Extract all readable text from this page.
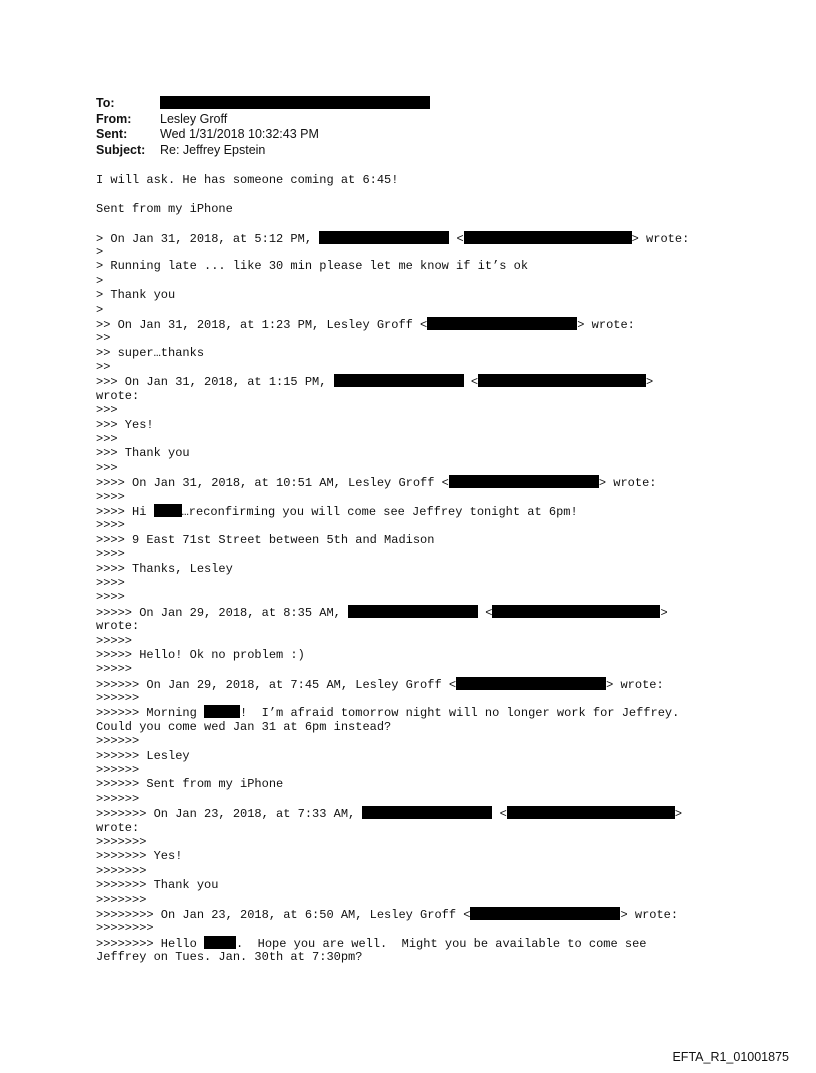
To:
From:	Lesley Groff
Sent:	Wed 1/31/2018 10:32:43 PM
Subject:	Re: Jeffrey Epstein
I will ask. He has someone coming at 6:45!
Sent from my iPhone
> On Jan 31, 2018, at 5:12 PM,	<	> wrote:
>
> Running late ... like 30 min please let me know if it’s ok
>
> Thank you
>
>> On Jan 31, 2018, at 1:23 PM, Lesley Groff <	> wrote:
>>
>> super…thanks
>>
>>> On Jan 31, 2018, at 1:15 PM,	<	>
wrote:
>>>
>>> Yes!
>>>
>>> Thank you
>>>
>>>> On Jan 31, 2018, at 10:51 AM, Lesley Groff <	> wrote:
>>>>
>>>> Hi …reconfirming you will come see Jeffrey tonight at 6pm!
>>>>
>>>> 9 East 71st Street between 5th and Madison
>>>>
>>>> Thanks, Lesley
>>>>
>>>>
>>>>> On Jan 29, 2018, at 8:35 AM,	<	>
wrote:
>>>>>
>>>>> Hello! Ok no problem :)
>>>>>
>>>>>> On Jan 29, 2018, at 7:45 AM, Lesley Groff <	> wrote:
>>>>>>
>>>>>> Morning	!  I’m afraid tomorrow night will no longer work for Jeffrey.
Could you come wed Jan 31 at 6pm instead?
>>>>>>
>>>>>> Lesley
>>>>>>
>>>>>> Sent from my iPhone
>>>>>>
>>>>>>> On Jan 23, 2018, at 7:33 AM,	<	>
wrote:
>>>>>>>
>>>>>>> Yes!
>>>>>>>
>>>>>>> Thank you
>>>>>>>
>>>>>>>> On Jan 23, 2018, at 6:50 AM, Lesley Groff <	> wrote:
>>>>>>>>
>>>>>>>> Hello	.  Hope you are well.  Might you be available to come see
Jeffrey on Tues. Jan. 30th at 7:30pm?
EFTA_R1_01001875
